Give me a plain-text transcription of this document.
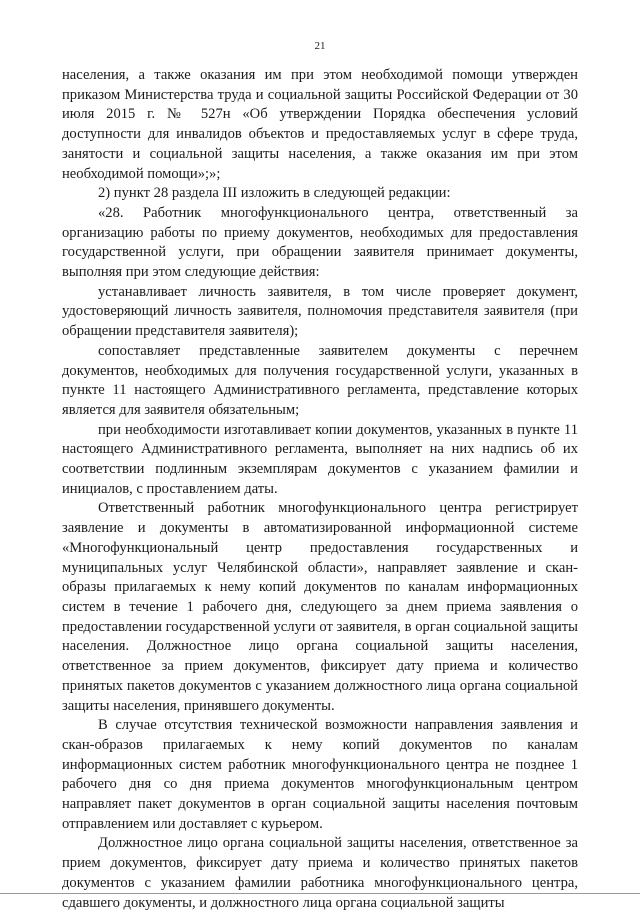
21

населения, а также оказания им при этом необходимой помощи утвержден приказом Министерства труда и социальной защиты Российской Федерации от 30 июля 2015 г. № 527н «Об утверждении Порядка обеспечения условий доступности для инвалидов объектов и предоставляемых услуг в сфере труда, занятости и социальной защиты населения, а также оказания им при этом необходимой помощи»;»;

2) пункт 28 раздела III изложить в следующей редакции:

«28. Работник многофункционального центра, ответственный за организацию работы по приему документов, необходимых для предоставления государственной услуги, при обращении заявителя принимает документы, выполняя при этом следующие действия:

устанавливает личность заявителя, в том числе проверяет документ, удостоверяющий личность заявителя, полномочия представителя заявителя (при обращении представителя заявителя);

сопоставляет представленные заявителем документы с перечнем документов, необходимых для получения государственной услуги, указанных в пункте 11 настоящего Административного регламента, представление которых является для заявителя обязательным;

при необходимости изготавливает копии документов, указанных в пункте 11 настоящего Административного регламента, выполняет на них надпись об их соответствии подлинным экземплярам документов с указанием фамилии и инициалов, с проставлением даты.

Ответственный работник многофункционального центра регистрирует заявление и документы в автоматизированной информационной системе «Многофункциональный центр предоставления государственных и муниципальных услуг Челябинской области», направляет заявление и скан-образы прилагаемых к нему копий документов по каналам информационных систем в течение 1 рабочего дня, следующего за днем приема заявления о предоставлении государственной услуги от заявителя, в орган социальной защиты населения. Должностное лицо органа социальной защиты населения, ответственное за прием документов, фиксирует дату приема и количество принятых пакетов документов с указанием должностного лица органа социальной защиты населения, принявшего документы.

В случае отсутствия технической возможности направления заявления и скан-образов прилагаемых к нему копий документов по каналам информационных систем работник многофункционального центра не позднее 1 рабочего дня со дня приема документов многофункциональным центром направляет пакет документов в орган социальной защиты населения почтовым отправлением или доставляет с курьером.

Должностное лицо органа социальной защиты населения, ответственное за прием документов, фиксирует дату приема и количество принятых пакетов документов с указанием фамилии работника многофункционального центра, сдавшего документы, и должностного лица органа социальной защиты
